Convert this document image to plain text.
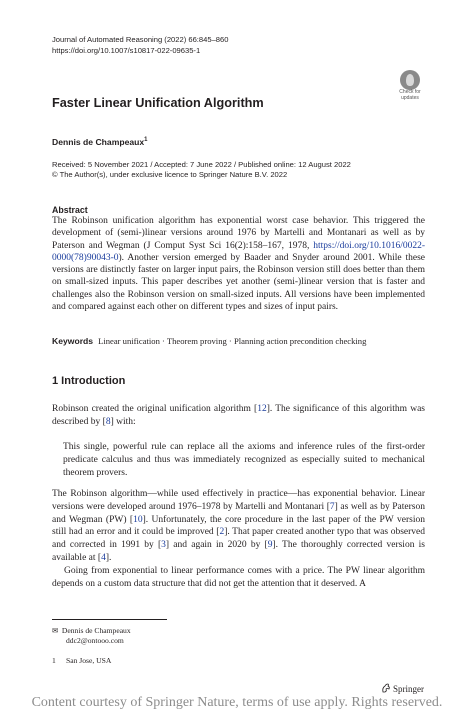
Journal of Automated Reasoning (2022) 66:845–860
https://doi.org/10.1007/s10817-022-09635-1
Check for
updates
Faster Linear Unification Algorithm
Dennis de Champeaux$^1$
Received: 5 November 2021 / Accepted: 7 June 2022 / Published online: 12 August 2022
© The Author(s), under exclusive licence to Springer Nature B.V. 2022
Abstract
The Robinson unification algorithm has exponential worst case behavior. This triggered the development of (semi-)linear versions around 1976 by Martelli and Montanari as well as by Paterson and Wegman (J Comput Syst Sci 16(2):158–167, 1978, https://doi.org/10.1016/0022-0000(78)90043-0). Another version emerged by Baader and Snyder around 2001. While these versions are distinctly faster on larger input pairs, the Robinson version still does better than them on small-sized inputs. This paper describes yet another (semi-)linear version that is faster and challenges also the Robinson version on small-sized inputs. All versions have been implemented and compared against each other on different types and sizes of input pairs.
Keywords Linear unification · Theorem proving · Planning action precondition checking
1 Introduction
Robinson created the original unification algorithm [12]. The significance of this algorithm was described by [8] with:
This single, powerful rule can replace all the axioms and inference rules of the first-order predicate calculus and thus was immediately recognized as especially suited to mechanical theorem provers.
The Robinson algorithm—while used effectively in practice—has exponential behavior. Linear versions were developed around 1976–1978 by Martelli and Montanari [7] as well as by Paterson and Wegman (PW) [10]. Unfortunately, the core procedure in the last paper of the PW version still had an error and it could be improved [2]. That paper created another typo that was observed and corrected in 1991 by [3] and again in 2020 by [9]. The thoroughly corrected version is available at [4].
Going from exponential to linear performance comes with a price. The PW linear algorithm depends on a custom data structure that did not get the attention that it deserved. A
✉ Dennis de Champeaux
ddc2@ontooo.com
1 San Jose, USA
Springer
Content courtesy of Springer Nature, terms of use apply. Rights reserved.
